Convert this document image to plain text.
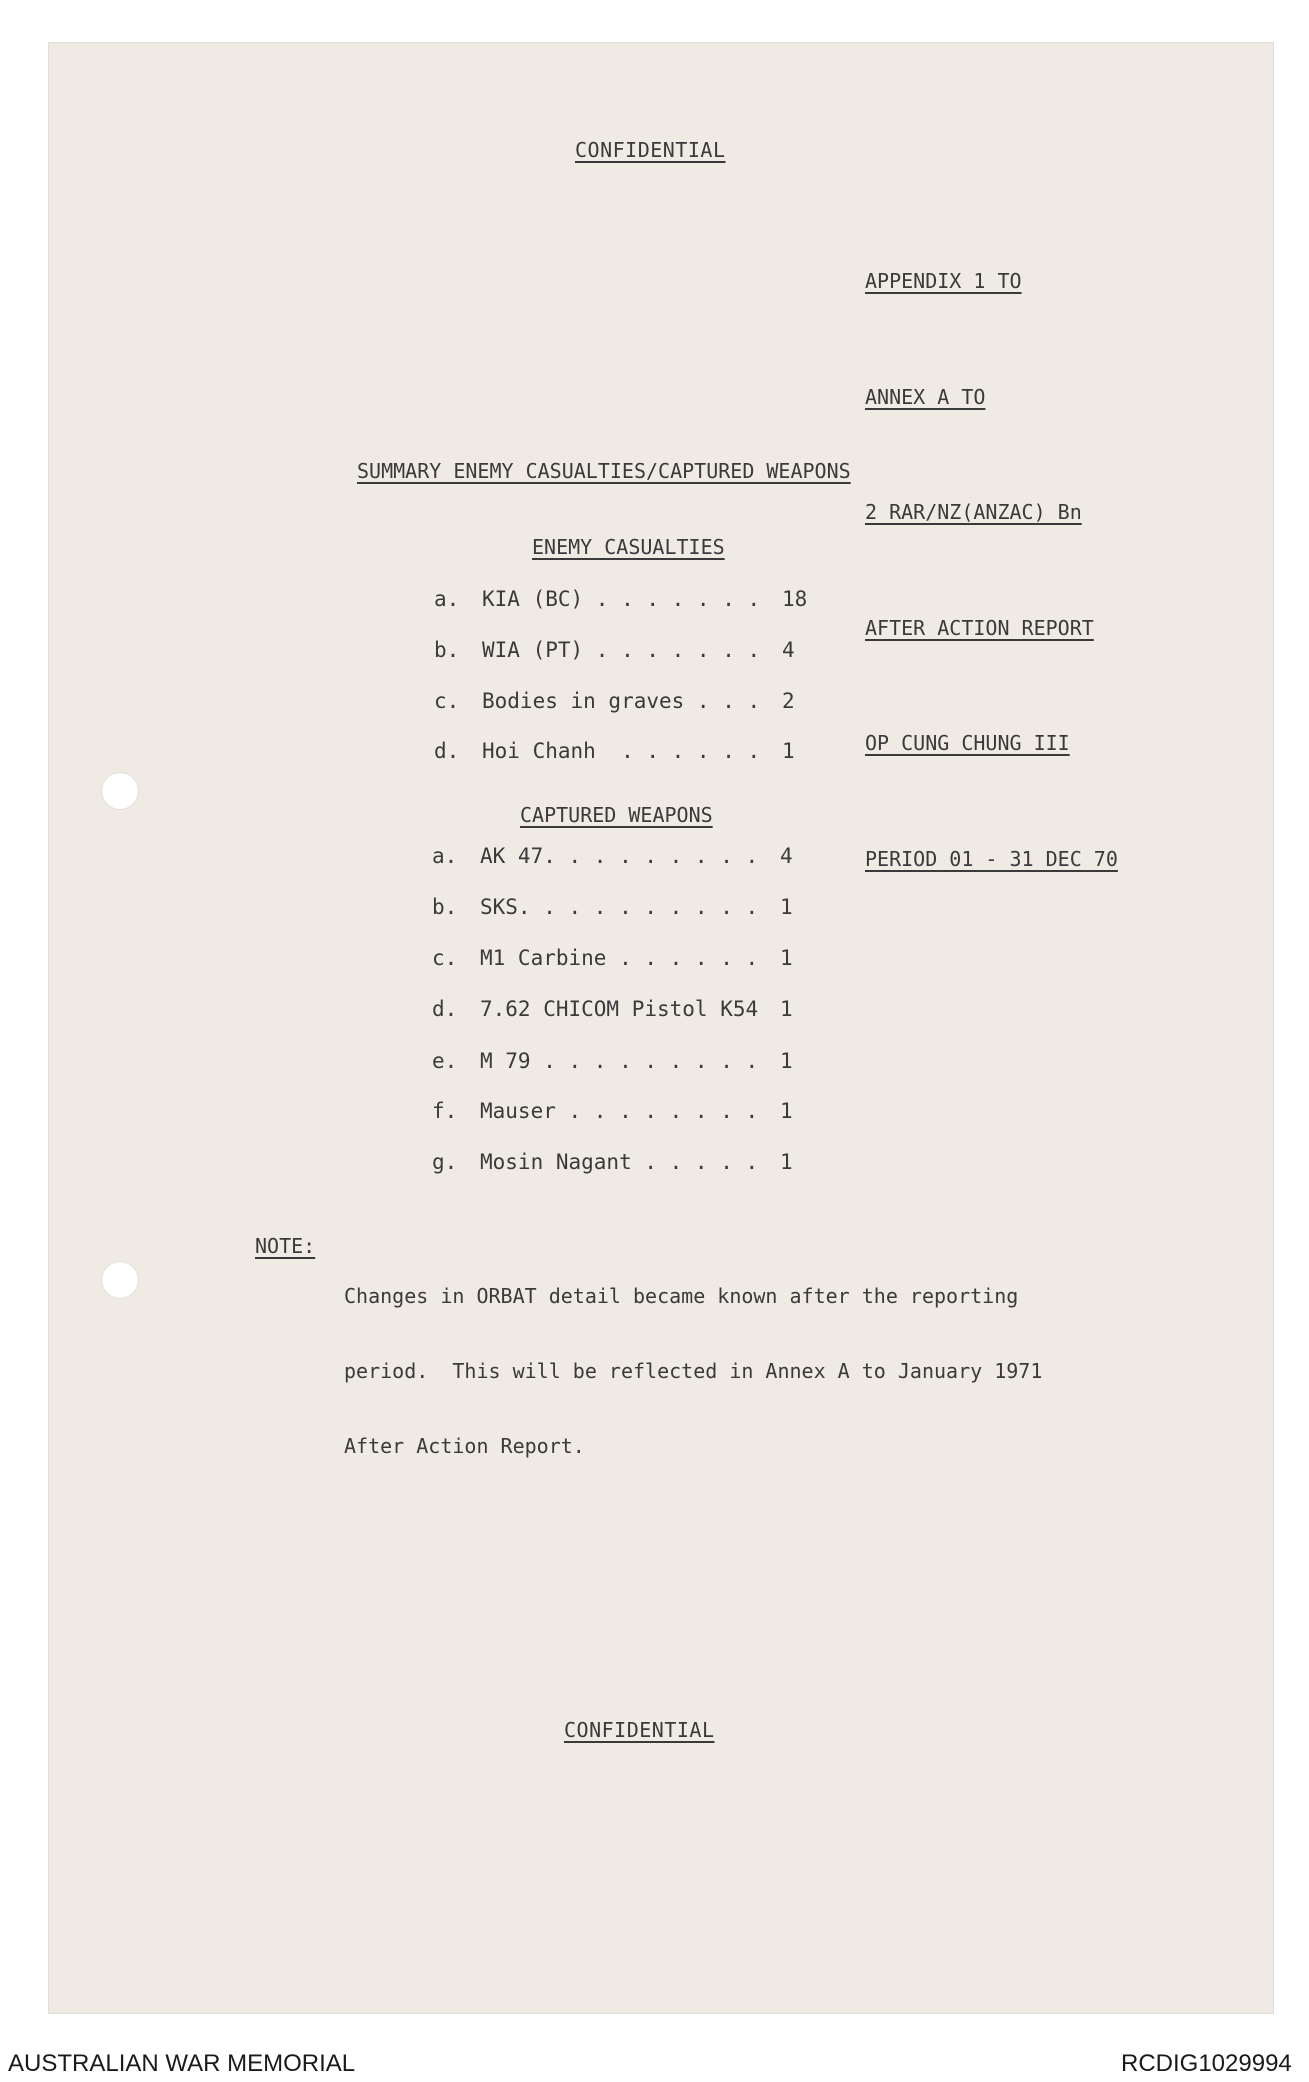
CONFIDENTIAL

APPENDIX 1 TO

ANNEX A TO

2 RAR/NZ(ANZAC) Bn

AFTER ACTION REPORT

OP CUNG CHUNG III

PERIOD 01 - 31 DEC 70

SUMMARY ENEMY CASUALTIES/CAPTURED WEAPONS
ENEMY CASUALTIES
a. KIA (BC) . . . . . . . 18
b. WIA (PT) . . . . . . . 4
c. Bodies in graves . . . 2
d. Hoi Chanh  . . . . . . 1
CAPTURED WEAPONS
a. AK 47. . . . . . . . . 4
b. SKS. . . . . . . . . . 1
c. M1 Carbine . . . . . . 1
d. 7.62 CHICOM Pistol K54 1
e. M 79 . . . . . . . . . 1
f. Mauser . . . . . . . . 1
g. Mosin Nagant . . . . . 1
NOTE:

Changes in ORBAT detail became known after the reporting

period.  This will be reflected in Annex A to January 1971

After Action Report.

CONFIDENTIAL
AUSTRALIAN WAR MEMORIAL	RCDIG1029994
